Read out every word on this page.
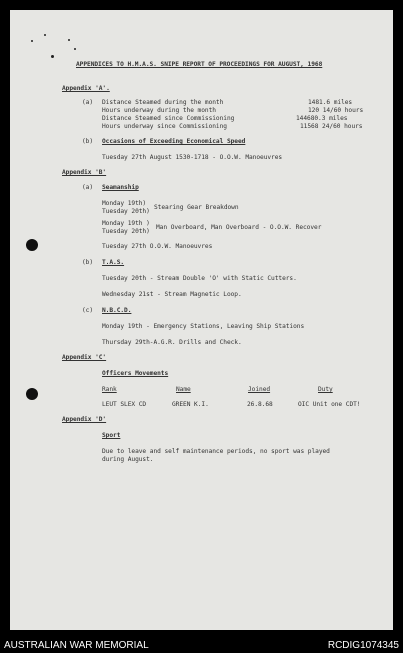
APPENDICES TO H.M.A.S. SNIPE REPORT OF PROCEEDINGS FOR AUGUST, 1968
Appendix 'A'.
(a) Distance Steamed during the month	1481.6 miles
Hours underway during the month	120 14/60 hours
Distance Steamed since Commissioning	144680.3 miles
Hours underway since Commissioning	11568 24/60 hours
(b) Occasions of Exceeding Economical Speed
Tuesday 27th August 1530-1718 - O.O.W. Manoeuvres
Appendix 'B'
(a) Seamanship
Monday 19th)
Tuesday 20th)
Stearing Gear Breakdown
Monday 19th )
Tuesday 20th)
Man Overboard, Man Overboard - O.O.W. Recover
Tuesday 27th O.O.W. Manoeuvres
(b) T.A.S.
Tuesday 20th - Stream Double 'O' with Static Cutters.
Wednesday 21st - Stream Magnetic Loop.
(c) N.B.C.D.
Monday 19th - Emergency Stations, Leaving Ship Stations
Thursday 29th-A.G.R. Drills and Check.
Appendix 'C'
Officers Movements
Rank	Name	Joined	Duty
LEUT SLEX CD	GREEN K.I.	26.8.68	OIC Unit one CDT!
Appendix 'D'
Sport
Due to leave and self maintenance periods, no sport was played
during August.
AUSTRALIAN WAR MEMORIAL	RCDIG1074345
